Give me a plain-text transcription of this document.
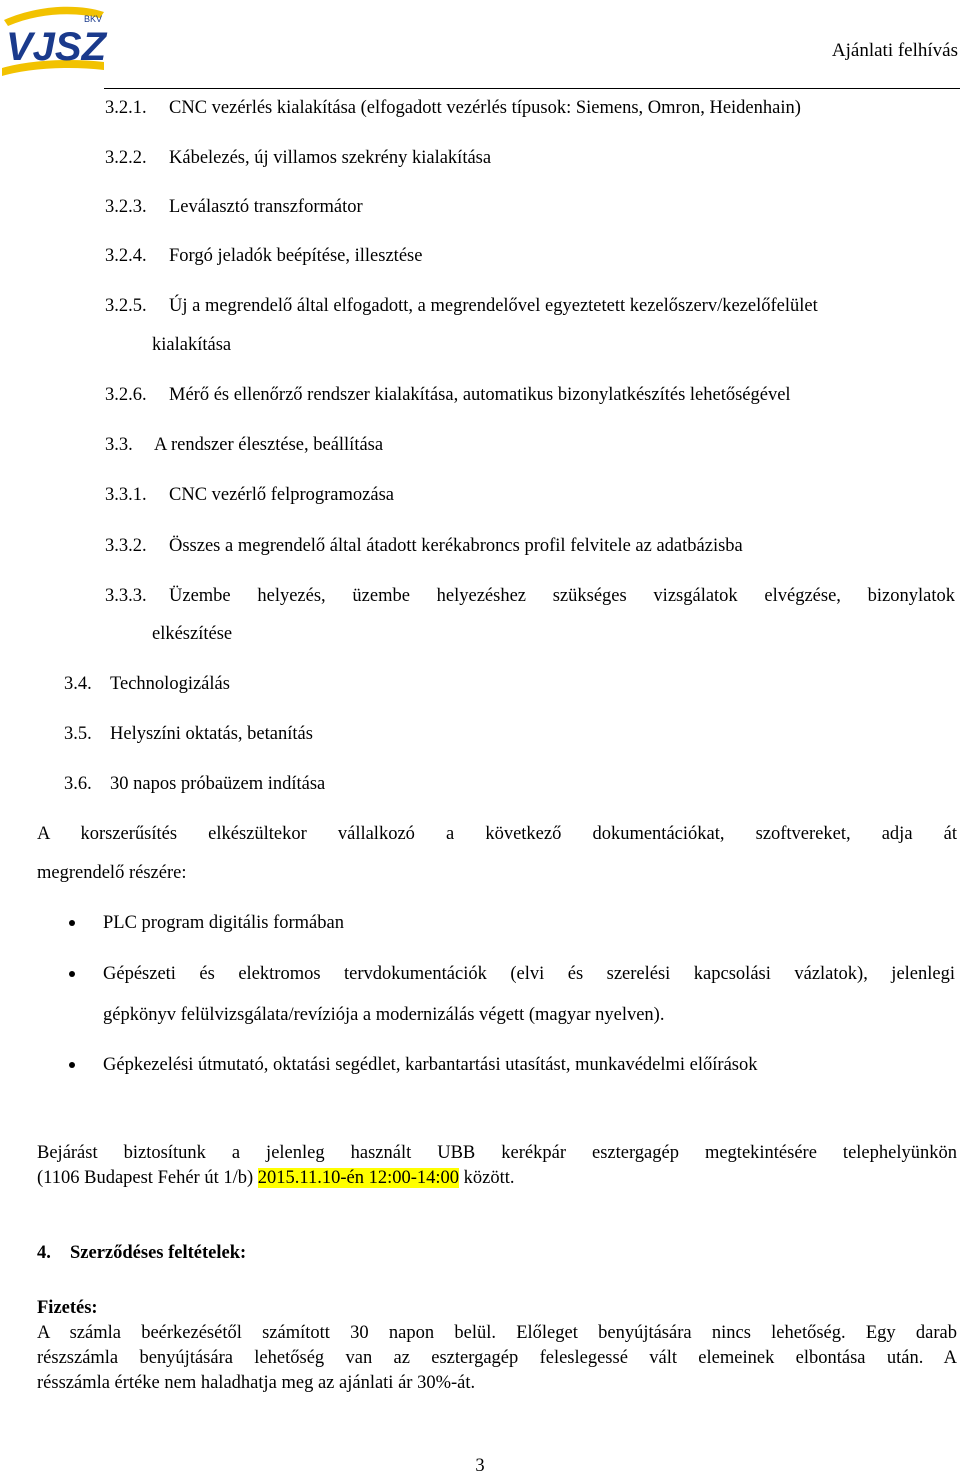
VJSZ
BKV
Ajánlati felhívás
3.2.1. CNC vezérlés kialakítása (elfogadott vezérlés típusok: Siemens, Omron, Heidenhain)
3.2.2. Kábelezés, új villamos szekrény kialakítása
3.2.3. Leválasztó transzformátor
3.2.4. Forgó jeladók beépítése, illesztése
3.2.5. Új a megrendelő által elfogadott, a megrendelővel egyeztetett kezelőszerv/kezelőfelület
kialakítása
3.2.6. Mérő és ellenőrző rendszer kialakítása, automatikus bizonylatkészítés lehetőségével
3.3. A rendszer élesztése, beállítása
3.3.1. CNC vezérlő felprogramozása
3.3.2. Összes a megrendelő által átadott kerékabroncs profil felvitele az adatbázisba
3.3.3. Üzembe helyezés, üzembe helyezéshez szükséges vizsgálatok elvégzése, bizonylatok
elkészítése
3.4. Technologizálás
3.5. Helyszíni oktatás, betanítás
3.6. 30 napos próbaüzem indítása
A korszerűsítés elkészültekor vállalkozó a következő dokumentációkat, szoftvereket, adja át
megrendelő részére:
PLC program digitális formában
Gépészeti és elektromos tervdokumentációk (elvi és szerelési kapcsolási vázlatok), jelenlegi
gépkönyv felülvizsgálata/revíziója a modernizálás végett (magyar nyelven).
Gépkezelési útmutató, oktatási segédlet, karbantartási utasítást, munkavédelmi előírások
Bejárást biztosítunk a jelenleg használt UBB kerékpár esztergagép megtekintésére telephelyünkön
(1106 Budapest Fehér út 1/b) 2015.11.10-én 12:00-14:00 között.
4. Szerződéses feltételek:
Fizetés:
A számla beérkezésétől számított 30 napon belül. Előleget benyújtására nincs lehetőség. Egy darab
részszámla benyújtására lehetőség van az esztergagép feleslegessé vált elemeinek elbontása után. A
résszámla értéke nem haladhatja meg az ajánlati ár 30%-át.
3
